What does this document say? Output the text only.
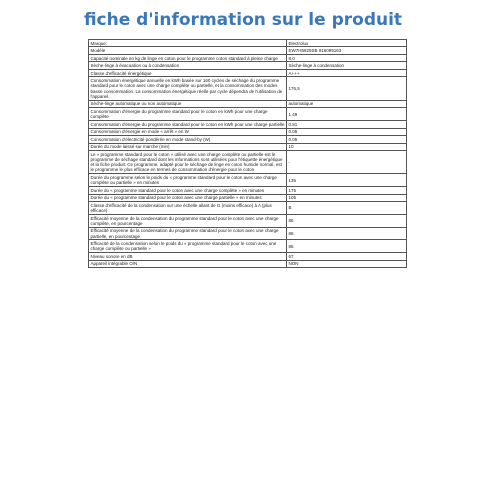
fiche d'information sur le produit
Marque:	Electrolux
Modèle	EW7H5829SB 916099163
Capacité nominale en kg de linge en coton pour le programme coton standard à pleine charge	8,0
Sèche-linge à évacuation ou à condensation	Sèche-linge à condensation
Classe d'efficacité énergétique	A+++
Consommation énergétique annuelle en kWh basée sur 160 cycles de séchage du programme standard pour le coton avec une charge complète ou partielle, et la consommation des modes basse consommation. La consommation énergétique réelle par cycle dépendra de l'utilisation de l'appareil.	176,5
Sèche-linge automatique ou non automatique	automatique
Consommation d'énergie du programme standard pour le coton en kWh pour une charge complète	1.49
Consommation d'énergie du programme standard pour le coton en kWh pour une charge partielle	0.81
Consommation d'énergie en mode « arrêt » en W	0.05
Consommation d'électricité pondérée en mode stand-by (W)	0.05
Durée du mode laissé sur marche (min)	10
Le « programme standard pour le coton » utilisé avec une charge complète ou partielle est le programme de séchage standard dont les informations sont utilisées pour l'étiquette énergétique et la fiche produit. Ce programme, adapté pour le séchage de linge en coton humide normal, est le programme le plus efficace en termes de consommation d'énergie pour le coton	-
Durée du programme selon le poids du « programme standard pour le coton avec une charge complète ou partielle » en minutes	135
Durée du « programme standard pour le coton avec une charge complète » en minutes	175
Durée du « programme standard pour le coton avec une charge partielle » en minutes	105
Classe d'efficacité de la condensation sur une échelle allant de G (moins efficace) à A (plus efficace)	B
Efficacité moyenne de la condensation du programme standard pour le coton avec une charge complète, en pourcentage	86
Efficacité moyenne de la condensation du programme standard pour le coton avec une charge partielle, en pourcentage	86
Efficacité de la condensation selon le poids du « programme standard pour le coton avec une charge complète ou partielle »	86
Niveau sonore en dB	67
Appareil intégrable O/N	NON
